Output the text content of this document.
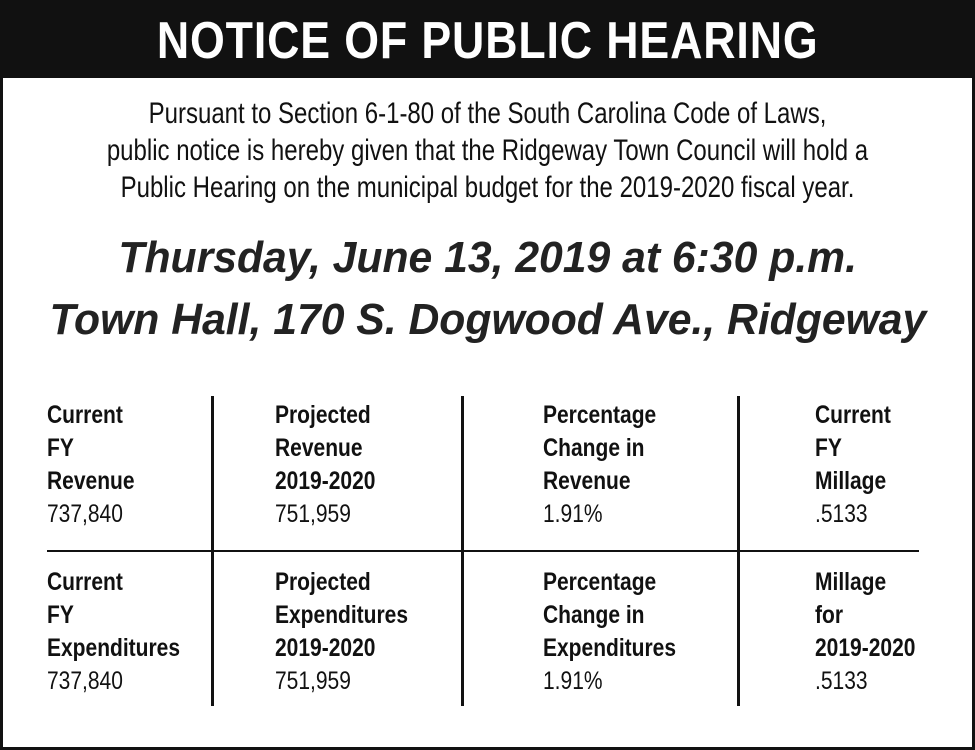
NOTICE OF PUBLIC HEARING
Pursuant to Section 6-1-80 of the South Carolina Code of Laws,
public notice is hereby given that the Ridgeway Town Council will hold a
Public Hearing on the municipal budget for the 2019-2020 fiscal year.
Thursday, June 13, 2019 at 6:30 p.m.
Town Hall, 170 S. Dogwood Ave., Ridgeway
Current
FY
Revenue
737,840
Projected
Revenue
2019-2020
751,959
Percentage
Change in
Revenue
1.91%
Current
FY
Millage
.5133
Current
FY
Expenditures
737,840
Projected
Expenditures
2019-2020
751,959
Percentage
Change in
Expenditures
1.91%
Millage
for
2019-2020
.5133
